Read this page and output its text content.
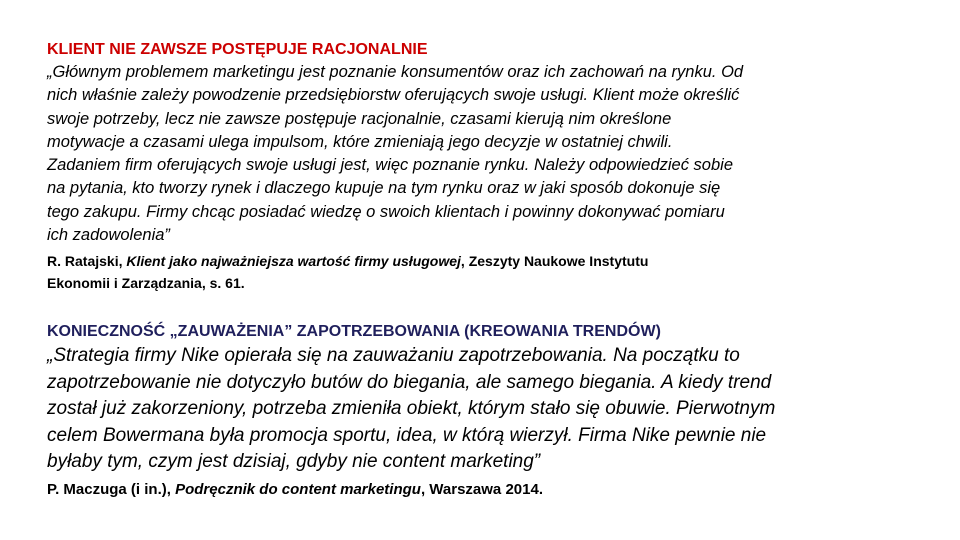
KLIENT NIE ZAWSZE POSTĘPUJE RACJONALNIE

„Głównym problemem marketingu jest poznanie konsumentów oraz ich zachowań na rynku. Od
nich właśnie zależy powodzenie przedsiębiorstw oferujących swoje usługi. Klient może określić
swoje potrzeby, lecz nie zawsze postępuje racjonalnie, czasami kierują nim określone
motywacje a czasami ulega impulsom, które zmieniają jego decyzje w ostatniej chwili.
Zadaniem firm oferujących swoje usługi jest, więc poznanie rynku. Należy odpowiedzieć sobie
na pytania, kto tworzy rynek i dlaczego kupuje na tym rynku oraz w jaki sposób dokonuje się
tego zakupu. Firmy chcąc posiadać wiedzę o swoich klientach i powinny dokonywać pomiaru
ich zadowolenia”

R. Ratajski, Klient jako najważniejsza wartość firmy usługowej, Zeszyty Naukowe Instytutu
Ekonomii i Zarządzania, s. 61.
KONIECZNOŚĆ „ZAUWAŻENIA” ZAPOTRZEBOWANIA (KREOWANIA TRENDÓW)

„Strategia firmy Nike opierała się na zauważaniu zapotrzebowania. Na początku to
zapotrzebowanie nie dotyczyło butów do biegania, ale samego biegania. A kiedy trend
został już zakorzeniony, potrzeba zmieniła obiekt, którym stało się obuwie. Pierwotnym
celem Bowermana była promocja sportu, idea, w którą wierzył. Firma Nike pewnie nie
byłaby tym, czym jest dzisiaj, gdyby nie content marketing”

P. Maczuga (i in.), Podręcznik do content marketingu, Warszawa 2014.
